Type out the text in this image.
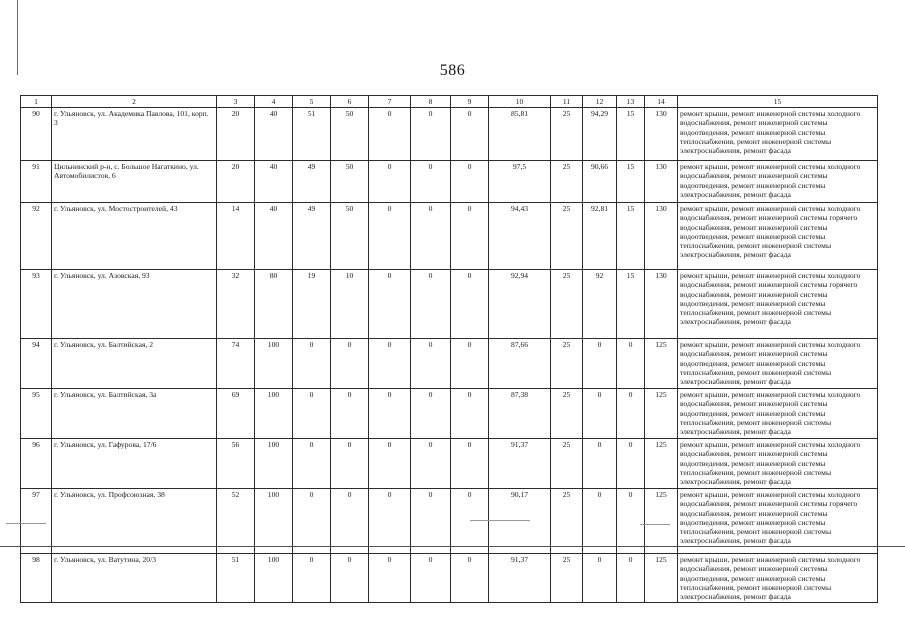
586
1	2	3	4	5	6	7	8	9	10	11	12	13	14	15
90	г. Ульяновск, ул. Академика Павлова, 101, корп. 3	20	40	51	50	0	0	0	85,81	25	94,29	15	130	ремонт крыши, ремонт инженерной системы холодного водоснабжения, ремонт инженерной системы водоотведения, ремонт инженерной системы теплоснабжения, ремонт инженерной системы электроснабжения, ремонт фасада
91	Цильнинский р-н, с. Большое Нагаткино, ул. Автомобилистов, 6	20	40	49	50	0	0	0	97,5	25	90,66	15	130	ремонт крыши, ремонт инженерной системы холодного водоснабжения, ремонт инженерной системы водоотведения, ремонт инженерной системы электроснабжения, ремонт фасада
92	г. Ульяновск, ул. Мостостроителей, 43	14	40	49	50	0	0	0	94,43	25	92,81	15	130	ремонт крыши, ремонт инженерной системы холодного водоснабжения, ремонт инженерной системы горячего водоснабжения, ремонт инженерной системы водоотведения, ремонт инженерной системы теплоснабжения, ремонт инженерной системы электроснабжения, ремонт фасада
93	г. Ульяновск, ул. Азовская, 93	32	80	19	10	0	0	0	92,94	25	92	15	130	ремонт крыши, ремонт инженерной системы холодного водоснабжения, ремонт инженерной системы горячего водоснабжения, ремонт инженерной системы водоотведения, ремонт инженерной системы теплоснабжения, ремонт инженерной системы электроснабжения, ремонт фасада
94	г. Ульяновск, ул. Балтийская, 2	74	100	0	0	0	0	0	87,66	25	0	0	125	ремонт крыши, ремонт инженерной системы холодного водоснабжения, ремонт инженерной системы водоотведения, ремонт инженерной системы теплоснабжения, ремонт инженерной системы электроснабжения, ремонт фасада
95	г. Ульяновск, ул. Балтийская, 3а	69	100	0	0	0	0	0	87,38	25	0	0	125	ремонт крыши, ремонт инженерной системы холодного водоснабжения, ремонт инженерной системы водоотведения, ремонт инженерной системы теплоснабжения, ремонт инженерной системы электроснабжения, ремонт фасада
96	г. Ульяновск, ул. Гафурова, 17/6	56	100	0	0	0	0	0	91,37	25	0	0	125	ремонт крыши, ремонт инженерной системы холодного водоснабжения, ремонт инженерной системы водоотведения, ремонт инженерной системы теплоснабжения, ремонт инженерной системы электроснабжения, ремонт фасада
97	г. Ульяновск, ул. Профсоюзная, 38	52	100	0	0	0	0	0	90,17	25	0	0	125	ремонт крыши, ремонт инженерной системы холодного водоснабжения, ремонт инженерной системы горячего водоснабжения, ремонт инженерной системы водоотведения, ремонт инженерной системы теплоснабжения, ремонт инженерной системы электроснабжения, ремонт фасада
98	г. Ульяновск, ул. Ватутина, 20/3	51	100	0	0	0	0	0	91,37	25	0	0	125	ремонт крыши, ремонт инженерной системы холодного водоснабжения, ремонт инженерной системы водоотведения, ремонт инженерной системы теплоснабжения, ремонт инженерной системы электроснабжения, ремонт фасада
